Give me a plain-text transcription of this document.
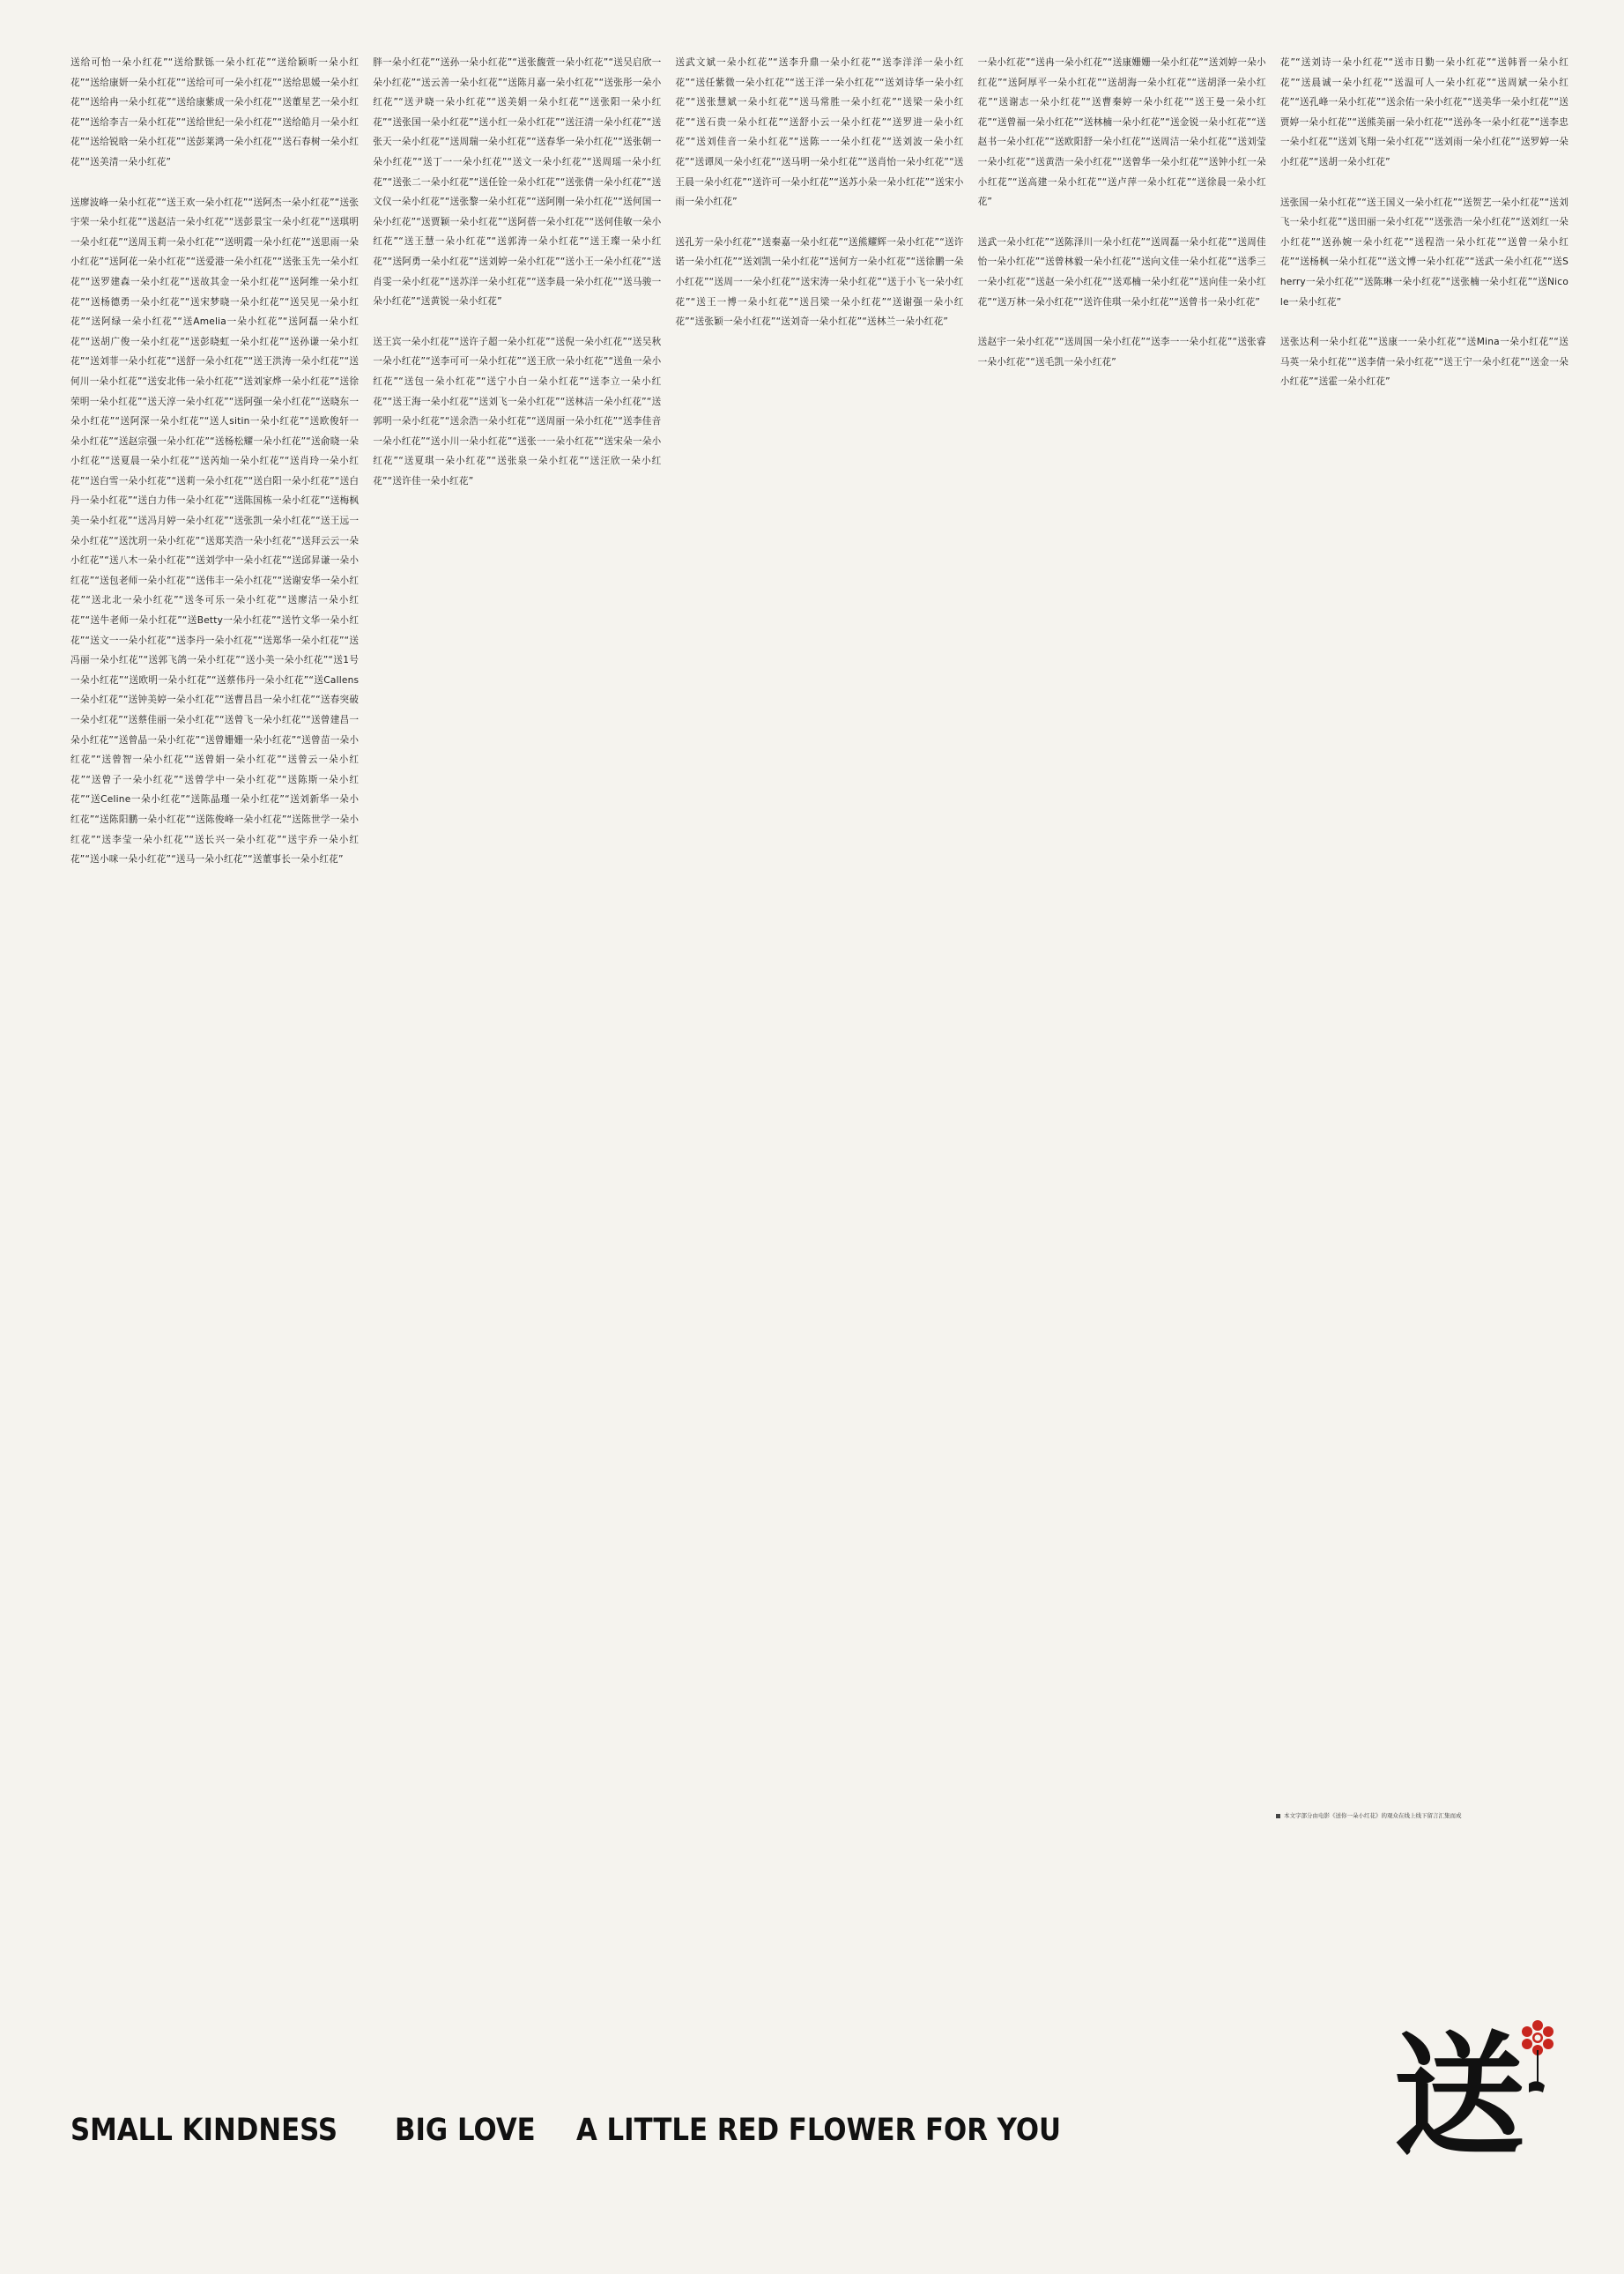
送给可怡一朵小红花”“送给默铄一朵小红花”“送给颖昕一朵小红花”“送给康妍一朵小红花”“送给可可一朵小红花”“送给思媛一朵小红花”“送给冉一朵小红花”“送给康紫成一朵小红花”“送董星艺一朵小红花”“送给李吉一朵小红花”“送给世纪一朵小红花”“送给皓月一朵小红花”“送给锐晗一朵小红花”“送彭莱鸿一朵小红花”“送石春树一朵小红花”“送美清一朵小红花”

送廖波峰一朵小红花”“送王欢一朵小红花”“送阿杰一朵小红花”“送张宇荣一朵小红花”“送赵洁一朵小红花”“送彭景宝一朵小红花”“送琪明一朵小红花”“送周玉莉一朵小红花”“送明霞一朵小红花”“送思雨一朵小红花”“送阿花一朵小红花”“送爱港一朵小红花”“送张玉先一朵小红花”“送罗建森一朵小红花”“送故其金一朵小红花”“送阿维一朵小红花”“送杨德勇一朵小红花”“送宋梦晓一朵小红花”“送吴见一朵小红花”“送阿绿一朵小红花”“送Amelia一朵小红花”“送阿磊一朵小红花”“送胡广俊一朵小红花”“送彭晓虹一朵小红花”“送孙谦一朵小红花”“送刘菲一朵小红花”“送舒一朵小红花”“送王洪涛一朵小红花”“送何川一朵小红花”“送安北伟一朵小红花”“送刘家烨一朵小红花”“送徐荣明一朵小红花”“送天淳一朵小红花”“送阿强一朵小红花”“送晓东一朵小红花”“送阿深一朵小红花”“送人sitin一朵小红花”“送欧俊轩一朵小红花”“送赵宗强一朵小红花”“送杨松耀一朵小红花”“送俞晓一朵小红花”“送夏晨一朵小红花”“送芮灿一朵小红花”“送肖玲一朵小红花”“送白雪一朵小红花”“送莉一朵小红花”“送白阳一朵小红花”“送白丹一朵小红花”“送白力伟一朵小红花”“送陈国栋一朵小红花”“送梅枫美一朵小红花”“送冯月婷一朵小红花”“送张凯一朵小红花”“送王远一朵小红花”“送沈玥一朵小红花”“送郑芙浩一朵小红花”“送拜云云一朵小红花”“送八木一朵小红花”“送刘学中一朵小红花”“送邱昇谦一朵小红花”“送包老师一朵小红花”“送伟丰一朵小红花”“送谢安华一朵小红花”“送北北一朵小红花”“送冬可乐一朵小红花”“送廖洁一朵小红花”“送牛老师一朵小红花”“送Betty一朵小红花”“送竹文华一朵小红花”“送文一一朵小红花”“送李丹一朵小红花”“送郑华一朵小红花”“送冯丽一朵小红花”“送郭飞鸽一朵小红花”“送小美一朵小红花”“送1号一朵小红花”“送欧明一朵小红花”“送蔡伟丹一朵小红花”“送Callens一朵小红花”“送钟美婷一朵小红花”“送曹昌昌一朵小红花”“送春突破一朵小红花”“送蔡佳丽一朵小红花”“送曾飞一朵小红花”“送曾建昌一朵小红花”“送曾晶一朵小红花”“送曾姗姗一朵小红花”“送曾苗一朵小红花”“送曾智一朵小红花”“送曾娟一朵小红花”“送曾云一朵小红花”“送曾子一朵小红花”“送曾学中一朵小红花”“送陈斯一朵小红花”“送Celine一朵小红花”“送陈晶瑾一朵小红花”“送刘新华一朵小红花”“送陈阳鹏一朵小红花”“送陈俊峰一朵小红花”“送陈世学一朵小红花”“送李莹一朵小红花”“送长兴一朵小红花”“送宇乔一朵小红花”“送小咪一朵小红花”“送马一朵小红花”“送董事长一朵小红花”

胖一朵小红花”“送孙一朵小红花”“送张馥萱一朵小红花”“送吴启欣一朵小红花”“送云善一朵小红花”“送陈月嘉一朵小红花”“送张彤一朵小红花”“送尹晓一朵小红花”“送美娟一朵小红花”“送张阳一朵小红花”“送张国一朵小红花”“送小红一朵小红花”“送汪清一朵小红花”“送张天一朵小红花”“送周瑞一朵小红花”“送春华一朵小红花”“送张朝一朵小红花”“送丁一一朵小红花”“送文一朵小红花”“送周瑶一朵小红花”“送张二一朵小红花”“送任铨一朵小红花”“送张倩一朵小红花”“送文仪一朵小红花”“送张黎一朵小红花”“送阿刚一朵小红花”“送何国一朵小红花”“送贾颖一朵小红花”“送阿蓓一朵小红花”“送何佳敏一朵小红花”“送王慧一朵小红花”“送郭涛一朵小红花”“送王璨一朵小红花”“送阿勇一朵小红花”“送刘婷一朵小红花”“送小王一朵小红花”“送肖雯一朵小红花”“送苏洋一朵小红花”“送李晨一朵小红花”“送马骏一朵小红花”“送黄锐一朵小红花”

送王宾一朵小红花”“送许子超一朵小红花”“送倪一朵小红花”“送吴秋一朵小红花”“送李可可一朵小红花”“送王欣一朵小红花”“送鱼一朵小红花”“送包一朵小红花”“送宁小白一朵小红花”“送李立一朵小红花”“送王海一朵小红花”“送刘飞一朵小红花”“送林洁一朵小红花”“送郭明一朵小红花”“送余浩一朵小红花”“送周丽一朵小红花”“送李佳音一朵小红花”“送小川一朵小红花”“送张一一朵小红花”“送宋朵一朵小红花”“送夏琪一朵小红花”“送张泉一朵小红花”“送汪欣一朵小红花”“送许佳一朵小红花”

送武文斌一朵小红花”“送李升鼎一朵小红花”“送李洋洋一朵小红花”“送任紫微一朵小红花”“送王洋一朵小红花”“送刘诗华一朵小红花”“送张慧斌一朵小红花”“送马常胜一朵小红花”“送梁一朵小红花”“送石贵一朵小红花”“送舒小云一朵小红花”“送罗进一朵小红花”“送刘佳音一朵小红花”“送陈一一朵小红花”“送刘波一朵小红花”“送谭凤一朵小红花”“送马明一朵小红花”“送肖怡一朵小红花”“送王晨一朵小红花”“送许可一朵小红花”“送苏小朵一朵小红花”“送宋小雨一朵小红花”

送孔芳一朵小红花”“送秦嘉一朵小红花”“送熊耀辉一朵小红花”“送许诺一朵小红花”“送刘凯一朵小红花”“送何方一朵小红花”“送徐鹏一朵小红花”“送周一一朵小红花”“送宋涛一朵小红花”“送于小飞一朵小红花”“送王一博一朵小红花”“送吕梁一朵小红花”“送谢强一朵小红花”“送张颖一朵小红花”“送刘奇一朵小红花”“送林兰一朵小红花”

一朵小红花”“送冉一朵小红花”“送康姗姗一朵小红花”“送刘婷一朵小红花”“送阿厚平一朵小红花”“送胡海一朵小红花”“送胡泽一朵小红花”“送谢志一朵小红花”“送曹秦婷一朵小红花”“送王曼一朵小红花”“送曾福一朵小红花”“送林楠一朵小红花”“送金锐一朵小红花”“送赵书一朵小红花”“送欧阳舒一朵小红花”“送周洁一朵小红花”“送刘莹一朵小红花”“送黄浩一朵小红花”“送曾华一朵小红花”“送钟小红一朵小红花”“送高建一朵小红花”“送卢萍一朵小红花”“送徐晨一朵小红花”

送武一朵小红花”“送陈泽川一朵小红花”“送周磊一朵小红花”“送周佳怡一朵小红花”“送曾林毅一朵小红花”“送向文佳一朵小红花”“送季三一朵小红花”“送赵一朵小红花”“送邓楠一朵小红花”“送向佳一朵小红花”“送万林一朵小红花”“送许佳琪一朵小红花”“送曾书一朵小红花”

送赵宇一朵小红花”“送周国一朵小红花”“送李一一朵小红花”“送张睿一朵小红花”“送毛凯一朵小红花”

花”“送刘诗一朵小红花”“送市日勤一朵小红花”“送韩晋一朵小红花”“送晨诚一朵小红花”“送温可人一朵小红花”“送周斌一朵小红花”“送孔峰一朵小红花”“送余佑一朵小红花”“送美华一朵小红花”“送贾婷一朵小红花”“送熊美丽一朵小红花”“送孙冬一朵小红花”“送李忠一朵小红花”“送刘飞翔一朵小红花”“送刘雨一朵小红花”“送罗婷一朵小红花”“送胡一朵小红花”

送张国一朵小红花”“送王国义一朵小红花”“送贺艺一朵小红花”“送刘飞一朵小红花”“送田丽一朵小红花”“送张浩一朵小红花”“送刘红一朵小红花”“送孙婉一朵小红花”“送程浩一朵小红花”“送曾一朵小红花”“送杨枫一朵小红花”“送文博一朵小红花”“送武一朵小红花”“送Sherry一朵小红花”“送陈琳一朵小红花”“送张楠一朵小红花”“送Nicole一朵小红花”

送张达利一朵小红花”“送康一一朵小红花”“送Mina一朵小红花”“送马英一朵小红花”“送李倩一朵小红花”“送王宁一朵小红花”“送金一朵小红花”“送霍一朵小红花”

本文字部分由电影《送你一朵小红花》的观众在线上线下留言汇集而成
SMALL KINDNESS BIG LOVE A LITTLE RED FLOWER FOR YOU	送
